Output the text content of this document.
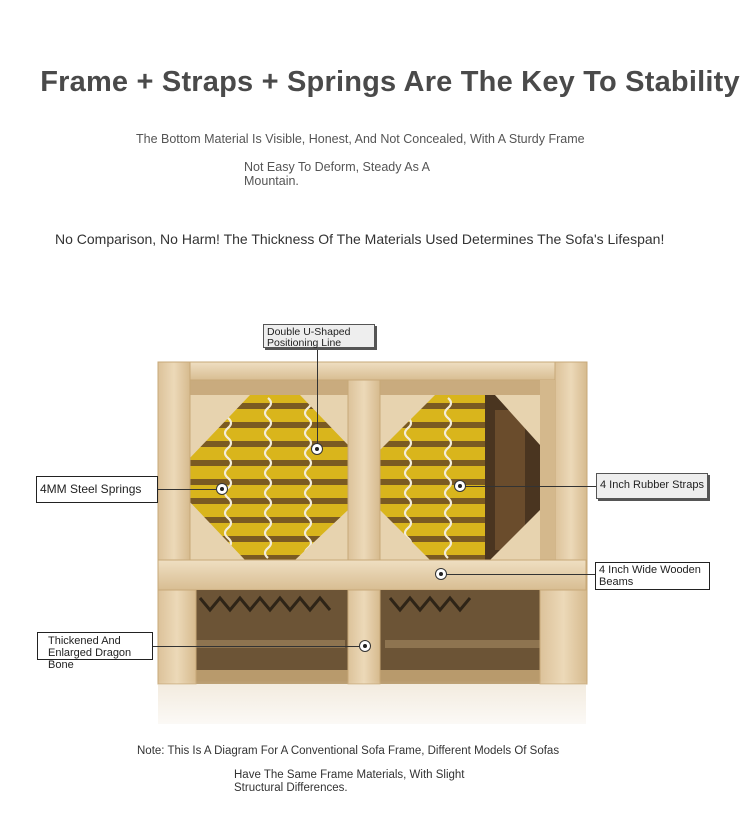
Frame + Straps + Springs Are The Key To Stability
The Bottom Material Is Visible, Honest, And Not Concealed, With A Sturdy Frame
Not Easy To Deform, Steady As A Mountain.
No Comparison, No Harm! The Thickness Of The Materials Used Determines The Sofa's Lifespan!
Double U-Shaped Positioning Line
4MM Steel Springs	4 Inch Rubber Straps
4 Inch Wide Wooden Beams
Thickened And Enlarged Dragon Bone
Note: This Is A Diagram For A Conventional Sofa Frame, Different Models Of Sofas
Have The Same Frame Materials, With Slight Structural Differences.
